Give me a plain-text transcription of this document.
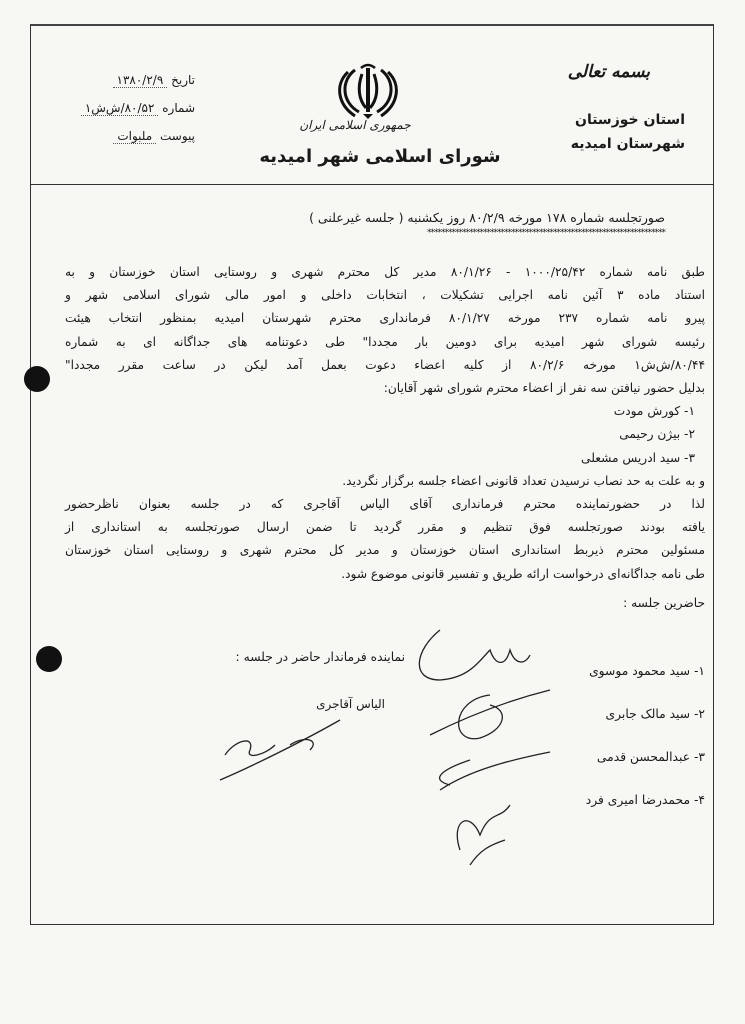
بسمه تعالی
استان خوزستان
شهرستان امیدیه
جمهوری اسلامی ایران
شورای اسلامی شهر امیدیه
تاریخ ۱۳۸۰/۲/۹
شماره ۸۰/۵۲/ش‌ش۱
پیوست ملبوات
صورتجلسه شماره ۱۷۸ مورخه ۸۰/۲/۹ روز یکشنبه ( جلسه غیرعلنی )
********************************************************************
طبق نامه شماره ۱۰۰۰/۲۵/۴۲ - ۸۰/۱/۲۶ مدیر کل محترم شهری و روستایی استان خوزستان و به
استناد ماده ۳ آئین نامه اجرایی تشکیلات ، انتخابات داخلی و امور مالی شورای اسلامی شهر و
پیرو نامه شماره ۲۳۷ مورخه ۸۰/۱/۲۷ فرمانداری محترم شهرستان امیدیه بمنظور انتخاب هیئت
رئیسه شورای شهر امیدیه برای دومین بار مجددا" طی دعوتنامه های جداگانه ای به شماره
۸۰/۴۴/ش‌ش۱ مورخه ۸۰/۲/۶ از کلیه اعضاء دعوت بعمل آمد لیکن در ساعت مقرر مجددا"
بدلیل حضور نیافتن سه نفر از اعضاء محترم شورای شهر آقایان:
۱- کورش مودت
۲- بیژن رحیمی
۳- سید ادریس مشعلی
و به علت به حد نصاب نرسیدن تعداد قانونی اعضاء جلسه برگزار نگردید.
لذا در حضورنماینده محترم فرمانداری آقای الیاس آقاجری که در جلسه بعنوان ناظرحضور
یافته بودند صورتجلسه فوق تنظیم و مقرر گردید تا ضمن ارسال صورتجلسه به استانداری از
مسئولین محترم ذیربط استانداری استان خوزستان و مدیر کل محترم شهری و روستایی استان خوزستان
طی نامه جداگانه‌ای درخواست ارائه طریق و تفسیر قانونی موضوع شود.
حاضرین جلسه :
۱- سید محمود موسوی
۲- سید مالک جابری
۳- عبدالمحسن قدمی
۴- محمدرضا امیری فرد
نماینده فرماندار حاضر در جلسه :
الیاس آقاجری
